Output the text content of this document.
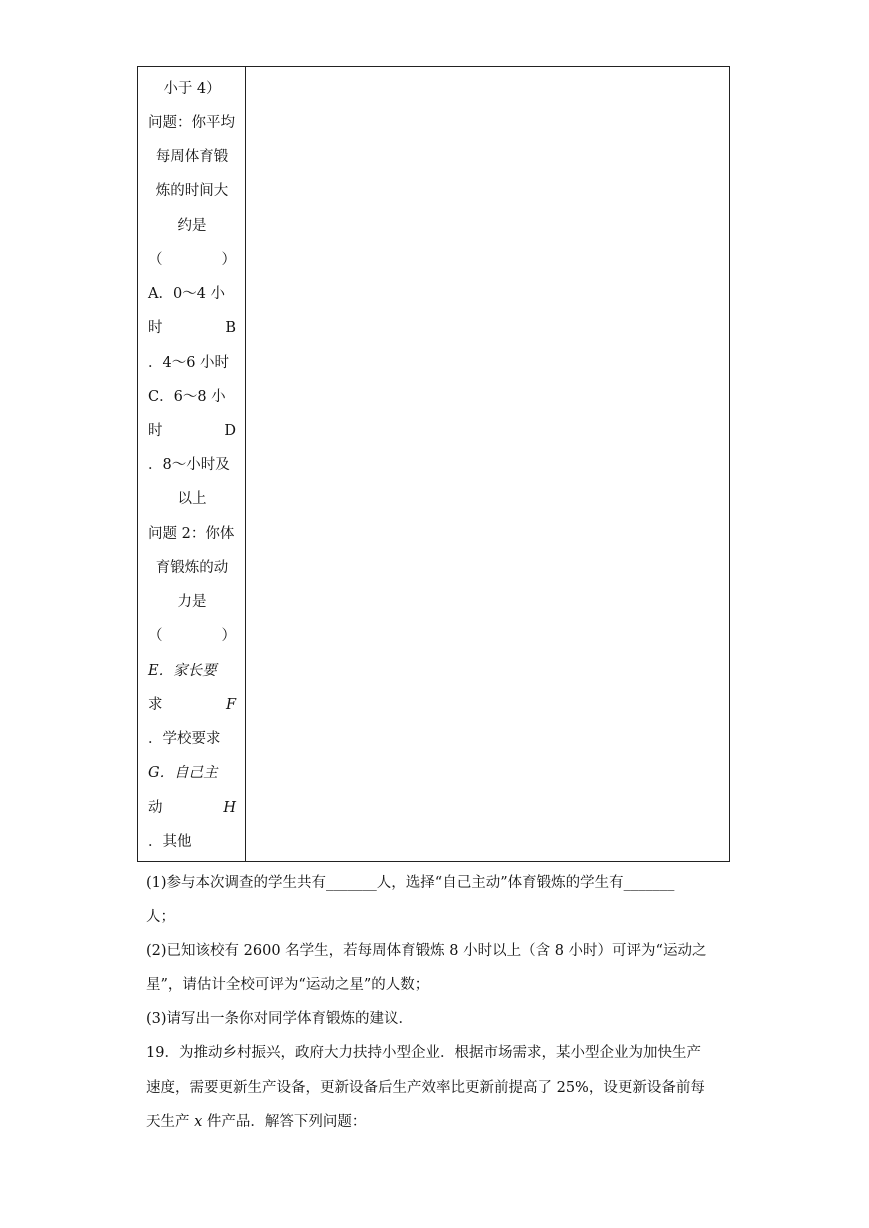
小于 4）
问题：你平均
每周体育锻
炼的时间大
约是
（	）
A．0～4 小
时	B
．4～6 小时
C．6～8 小
时	D
．8～小时及
以上
问题 2：你体
育锻炼的动
力是
（	）
E．家长要
求	F
．学校要求
G．自己主
动	H
．其他
(1)参与本次调查的学生共有_______人，选择“自己主动”体育锻炼的学生有_______
人；
(2)已知该校有 2600 名学生，若每周体育锻炼 8 小时以上（含 8 小时）可评为“运动之
星”，请估计全校可评为“运动之星”的人数；
(3)请写出一条你对同学体育锻炼的建议．
19．为推动乡村振兴，政府大力扶持小型企业．根据市场需求，某小型企业为加快生产
速度，需要更新生产设备，更新设备后生产效率比更新前提高了 25%，设更新设备前每
天生产 x 件产品．解答下列问题：
